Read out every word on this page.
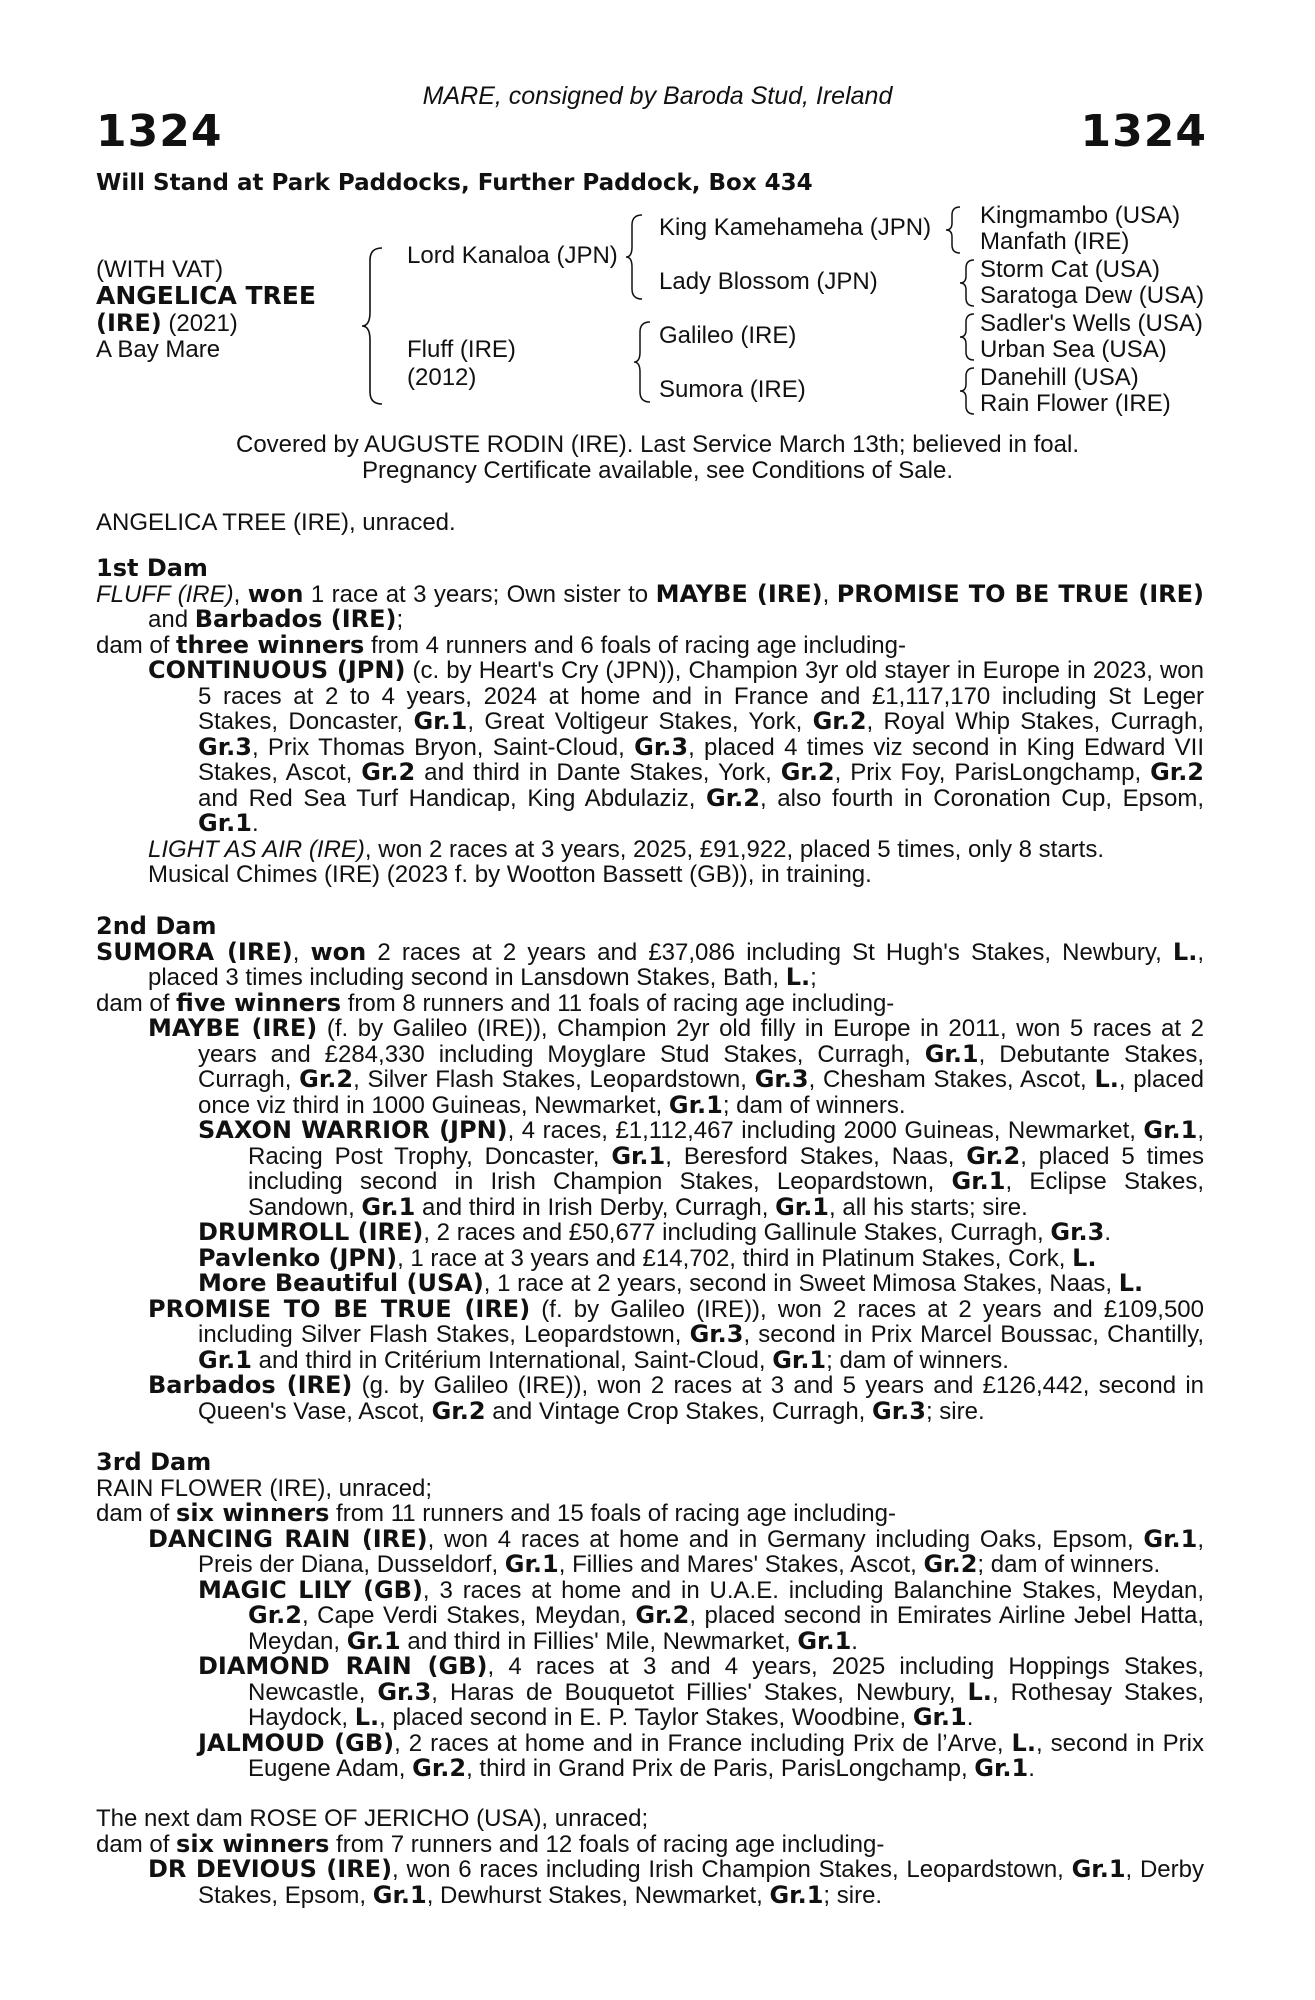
MARE, consigned by Baroda Stud, Ireland
1324	1324
Will Stand at Park Paddocks, Further Paddock, Box 434
(WITH VAT)
ANGELICA TREE
(IRE) (2021)
A Bay Mare
Lord Kanaloa (JPN)
Fluff (IRE)
(2012)
King Kamehameha (JPN)
Lady Blossom (JPN)
Galileo (IRE)
Sumora (IRE)
Kingmambo (USA)
Manfath (IRE)
Storm Cat (USA)
Saratoga Dew (USA)
Sadler's Wells (USA)
Urban Sea (USA)
Danehill (USA)
Rain Flower (IRE)
Covered by AUGUSTE RODIN (IRE). Last Service March 13th; believed in foal.
Pregnancy Certificate available, see Conditions of Sale.

ANGELICA TREE (IRE), unraced.

1st Dam

FLUFF (IRE), won 1 race at 3 years; Own sister to MAYBE (IRE), PROMISE TO BE TRUE (IRE) and Barbados (IRE);

dam of three winners from 4 runners and 6 foals of racing age including-

CONTINUOUS (JPN) (c. by Heart's Cry (JPN)), Champion 3yr old stayer in Europe in 2023, won 5 races at 2 to 4 years, 2024 at home and in France and £1,117,170 including St Leger Stakes, Doncaster, Gr.1, Great Voltigeur Stakes, York, Gr.2, Royal Whip Stakes, Curragh, Gr.3, Prix Thomas Bryon, Saint-Cloud, Gr.3, placed 4 times viz second in King Edward VII Stakes, Ascot, Gr.2 and third in Dante Stakes, York, Gr.2, Prix Foy, ParisLongchamp, Gr.2 and Red Sea Turf Handicap, King Abdulaziz, Gr.2, also fourth in Coronation Cup, Epsom, Gr.1.

LIGHT AS AIR (IRE), won 2 races at 3 years, 2025, £91,922, placed 5 times, only 8 starts.

Musical Chimes (IRE) (2023 f. by Wootton Bassett (GB)), in training.

2nd Dam

SUMORA (IRE), won 2 races at 2 years and £37,086 including St Hugh's Stakes, Newbury, L., placed 3 times including second in Lansdown Stakes, Bath, L.;

dam of five winners from 8 runners and 11 foals of racing age including-

MAYBE (IRE) (f. by Galileo (IRE)), Champion 2yr old filly in Europe in 2011, won 5 races at 2 years and £284,330 including Moyglare Stud Stakes, Curragh, Gr.1, Debutante Stakes, Curragh, Gr.2, Silver Flash Stakes, Leopardstown, Gr.3, Chesham Stakes, Ascot, L., placed once viz third in 1000 Guineas, Newmarket, Gr.1; dam of winners.

SAXON WARRIOR (JPN), 4 races, £1,112,467 including 2000 Guineas, Newmarket, Gr.1, Racing Post Trophy, Doncaster, Gr.1, Beresford Stakes, Naas, Gr.2, placed 5 times including second in Irish Champion Stakes, Leopardstown, Gr.1, Eclipse Stakes, Sandown, Gr.1 and third in Irish Derby, Curragh, Gr.1, all his starts; sire.

DRUMROLL (IRE), 2 races and £50,677 including Gallinule Stakes, Curragh, Gr.3.

Pavlenko (JPN), 1 race at 3 years and £14,702, third in Platinum Stakes, Cork, L.

More Beautiful (USA), 1 race at 2 years, second in Sweet Mimosa Stakes, Naas, L.

PROMISE TO BE TRUE (IRE) (f. by Galileo (IRE)), won 2 races at 2 years and £109,500 including Silver Flash Stakes, Leopardstown, Gr.3, second in Prix Marcel Boussac, Chantilly, Gr.1 and third in Critérium International, Saint-Cloud, Gr.1; dam of winners.

Barbados (IRE) (g. by Galileo (IRE)), won 2 races at 3 and 5 years and £126,442, second in Queen's Vase, Ascot, Gr.2 and Vintage Crop Stakes, Curragh, Gr.3; sire.

3rd Dam

RAIN FLOWER (IRE), unraced;

dam of six winners from 11 runners and 15 foals of racing age including-

DANCING RAIN (IRE), won 4 races at home and in Germany including Oaks, Epsom, Gr.1, Preis der Diana, Dusseldorf, Gr.1, Fillies and Mares' Stakes, Ascot, Gr.2; dam of winners.

MAGIC LILY (GB), 3 races at home and in U.A.E. including Balanchine Stakes, Meydan, Gr.2, Cape Verdi Stakes, Meydan, Gr.2, placed second in Emirates Airline Jebel Hatta, Meydan, Gr.1 and third in Fillies' Mile, Newmarket, Gr.1.

DIAMOND RAIN (GB), 4 races at 3 and 4 years, 2025 including Hoppings Stakes, Newcastle, Gr.3, Haras de Bouquetot Fillies' Stakes, Newbury, L., Rothesay Stakes, Haydock, L., placed second in E. P. Taylor Stakes, Woodbine, Gr.1.

JALMOUD (GB), 2 races at home and in France including Prix de l’Arve, L., second in Prix Eugene Adam, Gr.2, third in Grand Prix de Paris, ParisLongchamp, Gr.1.

The next dam ROSE OF JERICHO (USA), unraced;

dam of six winners from 7 runners and 12 foals of racing age including-

DR DEVIOUS (IRE), won 6 races including Irish Champion Stakes, Leopardstown, Gr.1, Derby Stakes, Epsom, Gr.1, Dewhurst Stakes, Newmarket, Gr.1; sire.
